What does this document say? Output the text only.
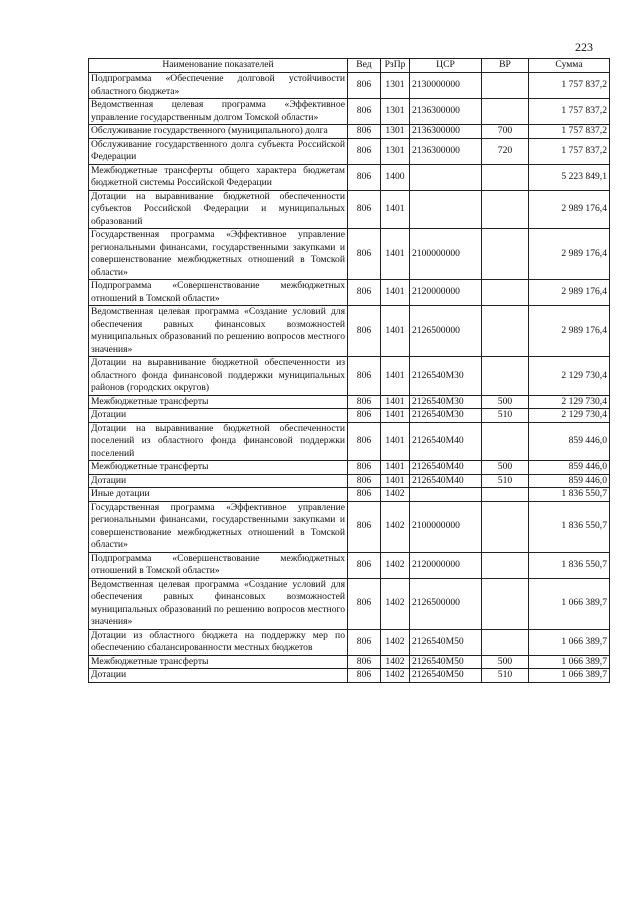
223
Наименование показателей	Вед	РзПр	ЦСР	ВР	Сумма
Подпрограмма «Обеспечение долговой устойчивости областного бюджета»	806	1301	2130000000		1 757 837,2
Ведомственная целевая программа «Эффективное управление государственным долгом Томской области»	806	1301	2136300000		1 757 837,2
Обслуживание государственного (муниципального) долга	806	1301	2136300000	700	1 757 837,2
Обслуживание государственного долга субъекта Российской Федерации	806	1301	2136300000	720	1 757 837,2
Межбюджетные трансферты общего характера бюджетам бюджетной системы Российской Федерации	806	1400			5 223 849,1
Дотации на выравнивание бюджетной обеспеченности субъектов Российской Федерации и муниципальных образований	806	1401			2 989 176,4
Государственная программа «Эффективное управление региональными финансами, государственными закупками и совершенствование межбюджетных отношений в Томской области»	806	1401	2100000000		2 989 176,4
Подпрограмма «Совершенствование межбюджетных отношений в Томской области»	806	1401	2120000000		2 989 176,4
Ведомственная целевая программа «Создание условий для обеспечения равных финансовых возможностей муниципальных образований по решению вопросов местного значения»	806	1401	2126500000		2 989 176,4
Дотации на выравнивание бюджетной обеспеченности из областного фонда финансовой поддержки муниципальных районов (городских округов)	806	1401	2126540М30		2 129 730,4
Межбюджетные трансферты	806	1401	2126540М30	500	2 129 730,4
Дотации	806	1401	2126540М30	510	2 129 730,4
Дотации на выравнивание бюджетной обеспеченности поселений из областного фонда финансовой поддержки поселений	806	1401	2126540М40		859 446,0
Межбюджетные трансферты	806	1401	2126540М40	500	859 446,0
Дотации	806	1401	2126540М40	510	859 446,0
Иные дотации	806	1402			1 836 550,7
Государственная программа «Эффективное управление региональными финансами, государственными закупками и совершенствование межбюджетных отношений в Томской области»	806	1402	2100000000		1 836 550,7
Подпрограмма «Совершенствование межбюджетных отношений в Томской области»	806	1402	2120000000		1 836 550,7
Ведомственная целевая программа «Создание условий для обеспечения равных финансовых возможностей муниципальных образований по решению вопросов местного значения»	806	1402	2126500000		1 066 389,7
Дотации из областного бюджета на поддержку мер по обеспечению сбалансированности местных бюджетов	806	1402	2126540М50		1 066 389,7
Межбюджетные трансферты	806	1402	2126540М50	500	1 066 389,7
Дотации	806	1402	2126540М50	510	1 066 389,7
